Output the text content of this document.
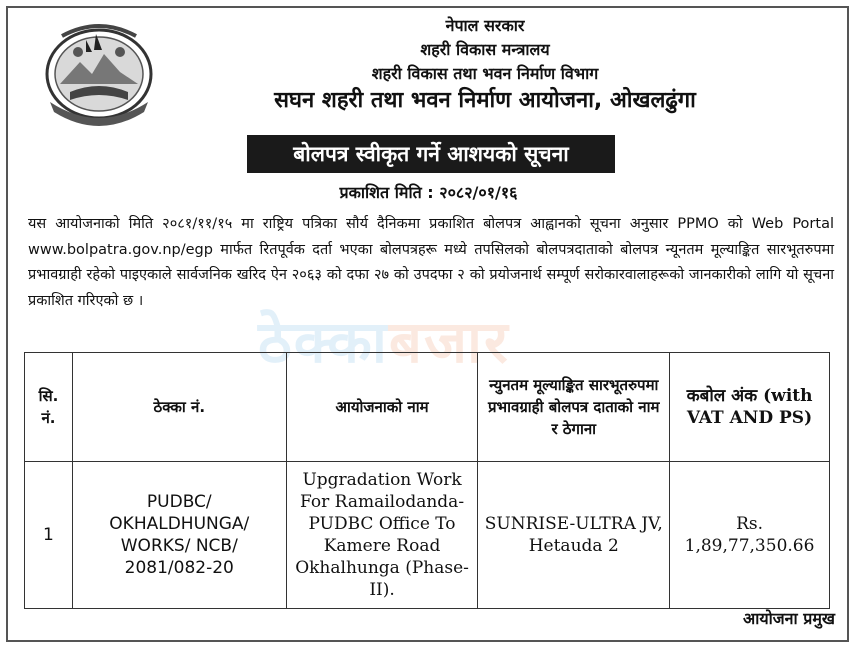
नेपाल सरकार
शहरी विकास मन्त्रालय
शहरी विकास तथा भवन निर्माण विभाग
सघन शहरी तथा भवन निर्माण आयोजना, ओखलढुंगा
बोलपत्र स्वीकृत गर्ने आशयको सूचना
प्रकाशित मिति : २०८२/०१/१६
यस आयोजनाको मिति २०८१/११/१५ मा राष्ट्रिय पत्रिका सौर्य दैनिकमा प्रकाशित बोलपत्र आह्वानको सूचना अनुसार PPMO को Web Portal www.bolpatra.gov.np/egp मार्फत रितपूर्वक दर्ता भएका बोलपत्रहरू मध्ये तपसिलको बोलपत्रदाताको बोलपत्र न्यूनतम मूल्याङ्कित सारभूतरुपमा प्रभावग्राही रहेको पाइएकाले सार्वजनिक खरिद ऐन २०६३ को दफा २७ को उपदफा २ को प्रयोजनार्थ सम्पूर्ण सरोकारवालाहरूको जानकारीको लागि यो सूचना प्रकाशित गरिएको छ ।
ठेक्काबजार
सि. नं.	ठेक्का नं.	आयोजनाको नाम	न्युनतम मूल्याङ्कित सारभूतरुपमा प्रभावग्राही बोलपत्र दाताको नाम र ठेगाना	कबोल अंक (with VAT AND PS)
1	PUDBC/ OKHALDHUNGA/ WORKS/ NCB/ 2081/082-20	Upgradation Work For Ramailodanda-PUDBC Office To Kamere Road Okhalhunga (Phase-II).	SUNRISE-ULTRA JV, Hetauda 2	Rs. 1,89,77,350.66
आयोजना प्रमुख
